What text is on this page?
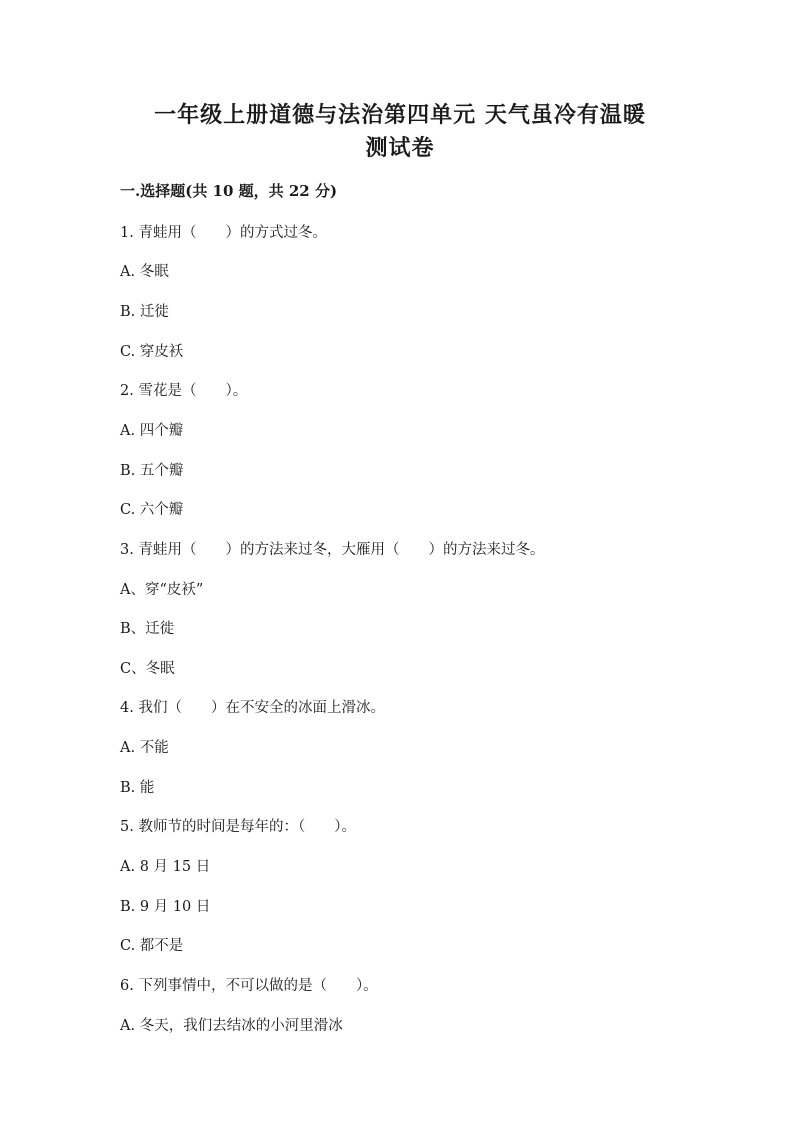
一年级上册道德与法治第四单元 天气虽冷有温暖
测试卷

一.选择题(共 10 题，共 22 分)

1. 青蛙用（　　）的方式过冬。

A. 冬眠

B. 迁徙

C. 穿皮袄

2. 雪花是（　　）。

A. 四个瓣

B. 五个瓣

C. 六个瓣

3. 青蛙用（　　）的方法来过冬，大雁用（　　）的方法来过冬。

A、穿“皮袄”

B、迁徙

C、冬眠

4. 我们（　　）在不安全的冰面上滑冰。

A. 不能

B. 能

5. 教师节的时间是每年的：（　　）。

A. 8 月 15 日

B. 9 月 10 日

C. 都不是

6. 下列事情中，不可以做的是（　　）。

A. 冬天，我们去结冰的小河里滑冰
